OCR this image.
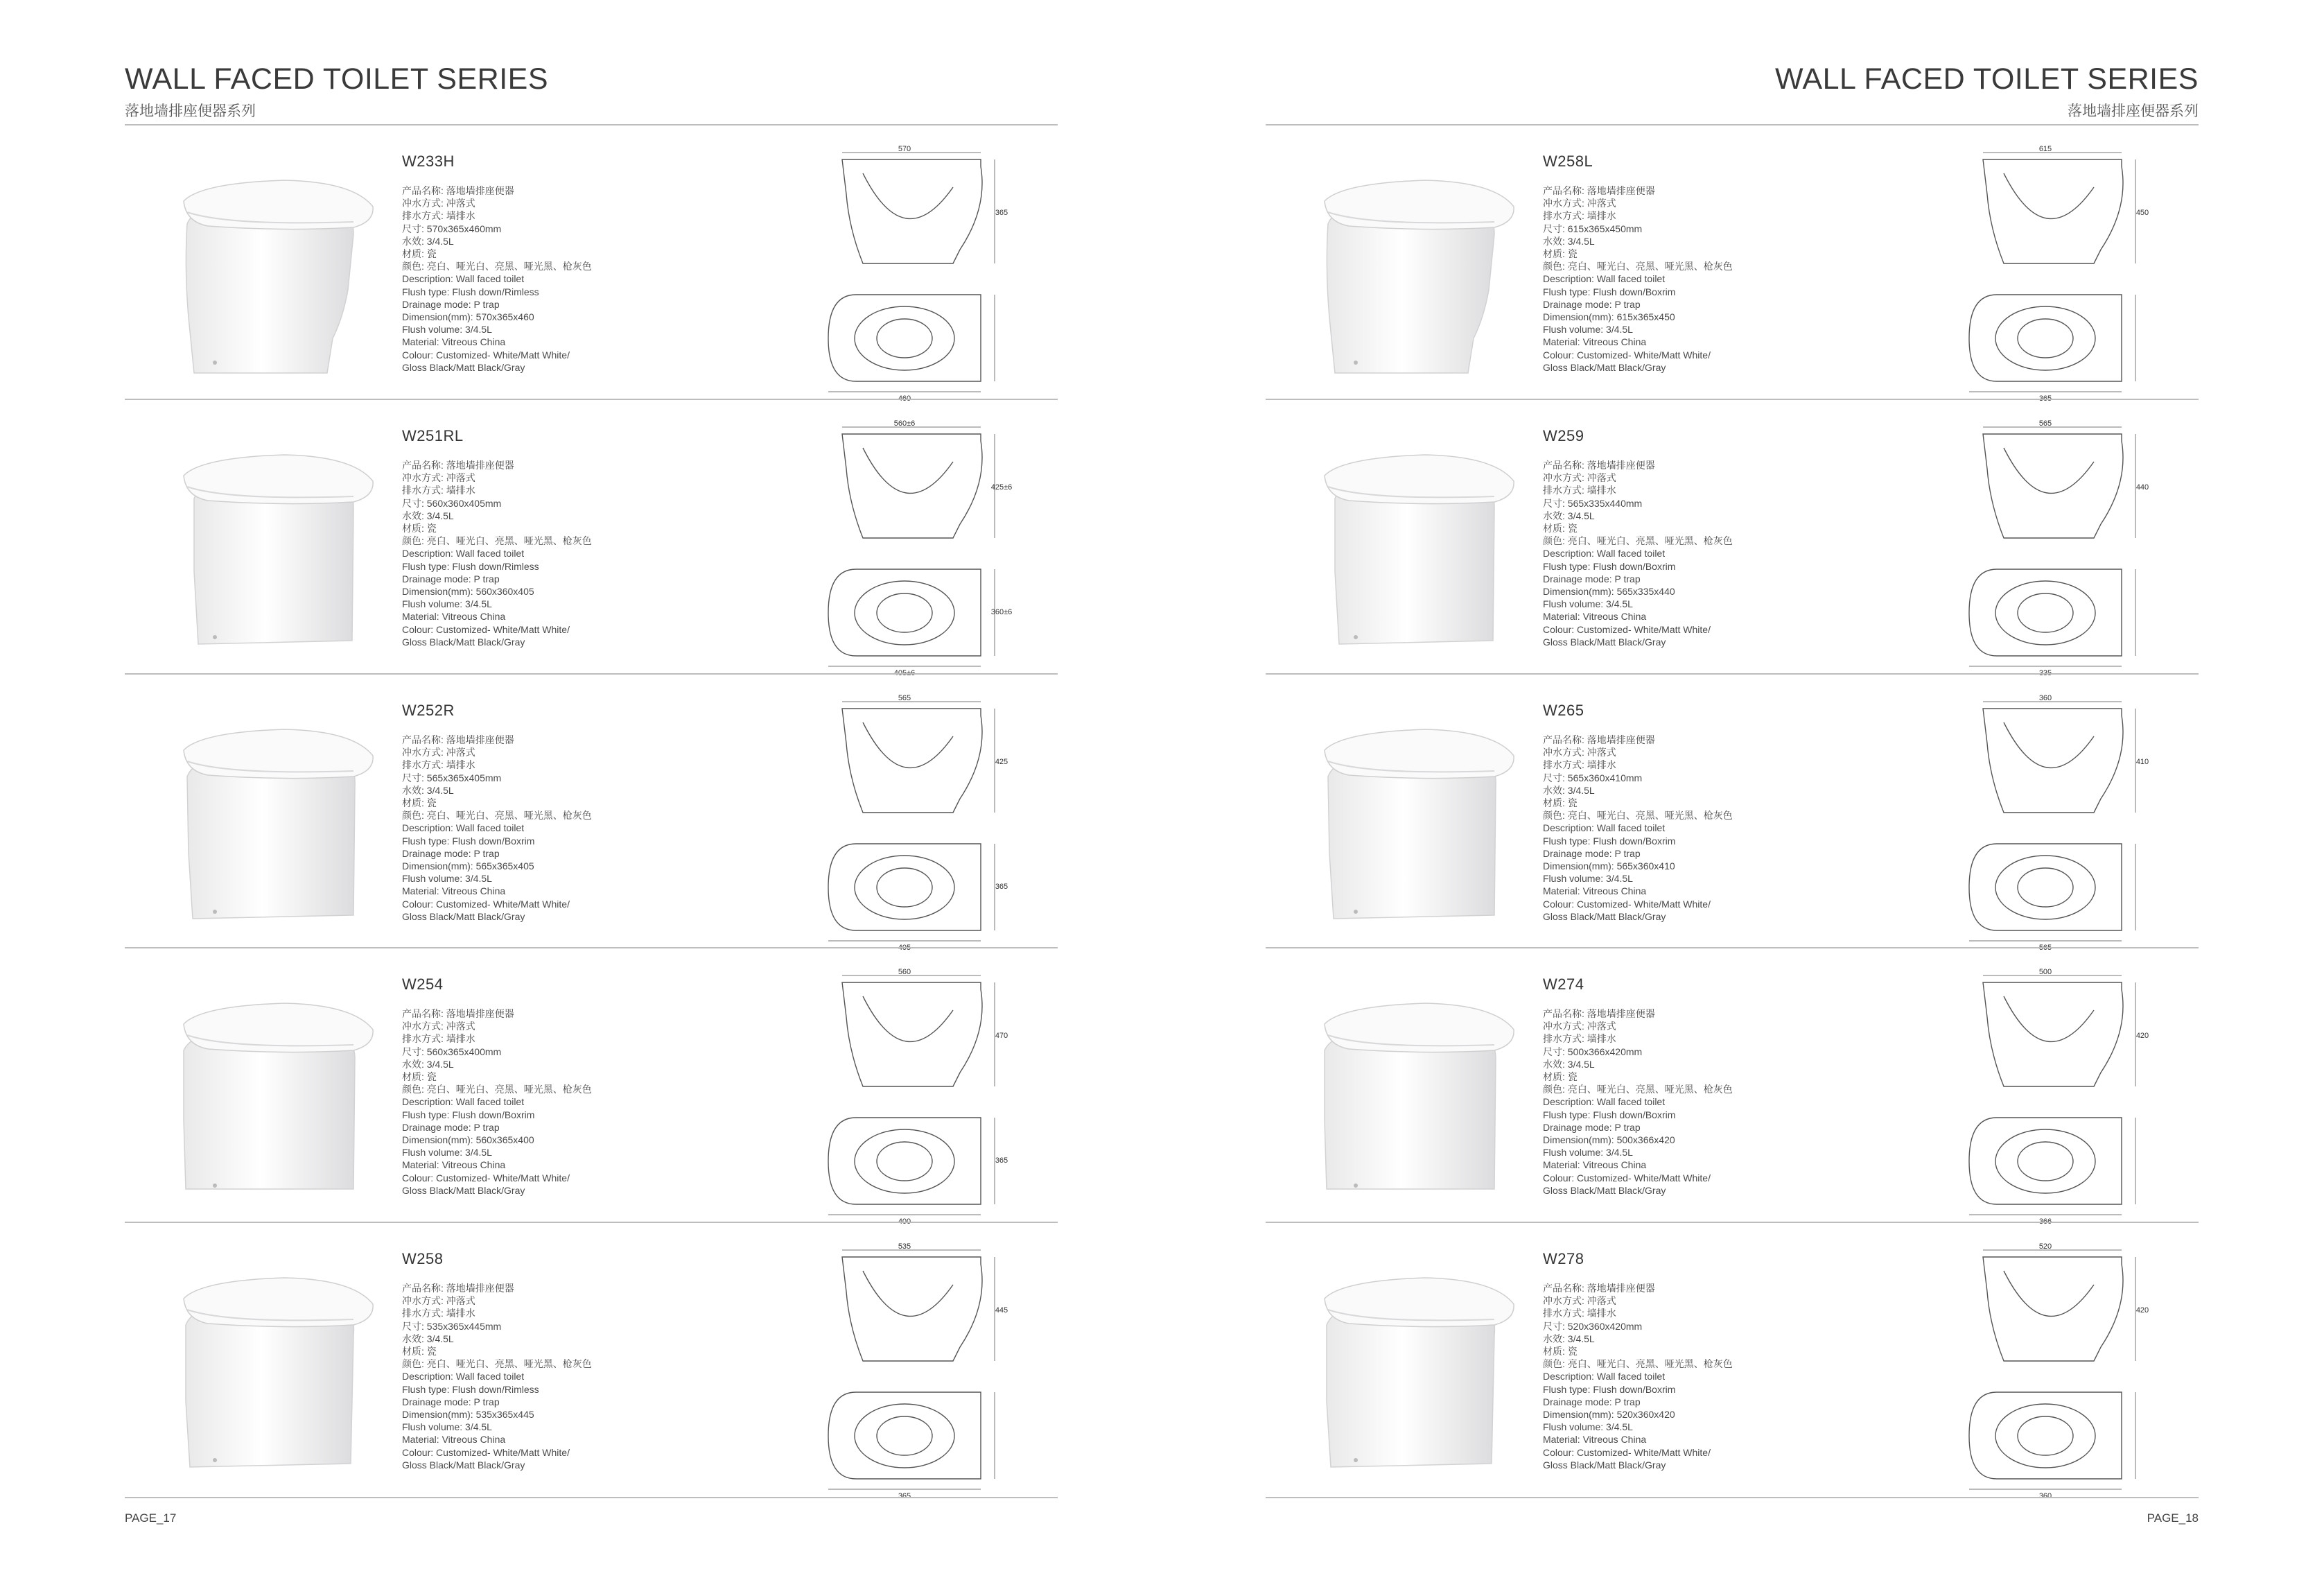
WALL FACED TOILET SERIES
落地墙排座便器系列
W233H
产品名称: 落地墙排座便器
冲水方式: 冲落式
排水方式: 墙排水
尺寸: 570x365x460mm
水效: 3/4.5L
材质: 瓷
颜色: 亮白、哑光白、亮黑、哑光黑、枪灰色
Description: Wall faced toilet
Flush type: Flush down/Rimless
Drainage mode: P trap
Dimension(mm): 570x365x460
Flush volume: 3/4.5L
Material: Vitreous China
Colour: Customized- White/Matt White/
Gloss Black/Matt Black/Gray
570
365
460
W251RL
产品名称: 落地墙排座便器
冲水方式: 冲落式
排水方式: 墙排水
尺寸: 560x360x405mm
水效: 3/4.5L
材质: 瓷
颜色: 亮白、哑光白、亮黑、哑光黑、枪灰色
Description: Wall faced toilet
Flush type: Flush down/Rimless
Drainage mode: P trap
Dimension(mm): 560x360x405
Flush volume: 3/4.5L
Material: Vitreous China
Colour: Customized- White/Matt White/
Gloss Black/Matt Black/Gray
560±6
425±6
405±6
360±6
W252R
产品名称: 落地墙排座便器
冲水方式: 冲落式
排水方式: 墙排水
尺寸: 565x365x405mm
水效: 3/4.5L
材质: 瓷
颜色: 亮白、哑光白、亮黑、哑光黑、枪灰色
Description: Wall faced toilet
Flush type: Flush down/Boxrim
Drainage mode: P trap
Dimension(mm): 565x365x405
Flush volume: 3/4.5L
Material: Vitreous China
Colour: Customized- White/Matt White/
Gloss Black/Matt Black/Gray
565
425
405
365
W254
产品名称: 落地墙排座便器
冲水方式: 冲落式
排水方式: 墙排水
尺寸: 560x365x400mm
水效: 3/4.5L
材质: 瓷
颜色: 亮白、哑光白、亮黑、哑光黑、枪灰色
Description: Wall faced toilet
Flush type: Flush down/Boxrim
Drainage mode: P trap
Dimension(mm): 560x365x400
Flush volume: 3/4.5L
Material: Vitreous China
Colour: Customized- White/Matt White/
Gloss Black/Matt Black/Gray
560
470
400
365
W258
产品名称: 落地墙排座便器
冲水方式: 冲落式
排水方式: 墙排水
尺寸: 535x365x445mm
水效: 3/4.5L
材质: 瓷
颜色: 亮白、哑光白、亮黑、哑光黑、枪灰色
Description: Wall faced toilet
Flush type: Flush down/Rimless
Drainage mode: P trap
Dimension(mm): 535x365x445
Flush volume: 3/4.5L
Material: Vitreous China
Colour: Customized- White/Matt White/
Gloss Black/Matt Black/Gray
535
445
365
PAGE_17
WALL FACED TOILET SERIES
落地墙排座便器系列
W258L
产品名称: 落地墙排座便器
冲水方式: 冲落式
排水方式: 墙排水
尺寸: 615x365x450mm
水效: 3/4.5L
材质: 瓷
颜色: 亮白、哑光白、亮黑、哑光黑、枪灰色
Description: Wall faced toilet
Flush type: Flush down/Boxrim
Drainage mode: P trap
Dimension(mm): 615x365x450
Flush volume: 3/4.5L
Material: Vitreous China
Colour: Customized- White/Matt White/
Gloss Black/Matt Black/Gray
615
450
365
W259
产品名称: 落地墙排座便器
冲水方式: 冲落式
排水方式: 墙排水
尺寸: 565x335x440mm
水效: 3/4.5L
材质: 瓷
颜色: 亮白、哑光白、亮黑、哑光黑、枪灰色
Description: Wall faced toilet
Flush type: Flush down/Boxrim
Drainage mode: P trap
Dimension(mm): 565x335x440
Flush volume: 3/4.5L
Material: Vitreous China
Colour: Customized- White/Matt White/
Gloss Black/Matt Black/Gray
565
440
335
W265
产品名称: 落地墙排座便器
冲水方式: 冲落式
排水方式: 墙排水
尺寸: 565x360x410mm
水效: 3/4.5L
材质: 瓷
颜色: 亮白、哑光白、亮黑、哑光黑、枪灰色
Description: Wall faced toilet
Flush type: Flush down/Boxrim
Drainage mode: P trap
Dimension(mm): 565x360x410
Flush volume: 3/4.5L
Material: Vitreous China
Colour: Customized- White/Matt White/
Gloss Black/Matt Black/Gray
360
410
565
W274
产品名称: 落地墙排座便器
冲水方式: 冲落式
排水方式: 墙排水
尺寸: 500x366x420mm
水效: 3/4.5L
材质: 瓷
颜色: 亮白、哑光白、亮黑、哑光黑、枪灰色
Description: Wall faced toilet
Flush type: Flush down/Boxrim
Drainage mode: P trap
Dimension(mm): 500x366x420
Flush volume: 3/4.5L
Material: Vitreous China
Colour: Customized- White/Matt White/
Gloss Black/Matt Black/Gray
500
420
366
W278
产品名称: 落地墙排座便器
冲水方式: 冲落式
排水方式: 墙排水
尺寸: 520x360x420mm
水效: 3/4.5L
材质: 瓷
颜色: 亮白、哑光白、亮黑、哑光黑、枪灰色
Description: Wall faced toilet
Flush type: Flush down/Boxrim
Drainage mode: P trap
Dimension(mm): 520x360x420
Flush volume: 3/4.5L
Material: Vitreous China
Colour: Customized- White/Matt White/
Gloss Black/Matt Black/Gray
520
420
360
PAGE_18
